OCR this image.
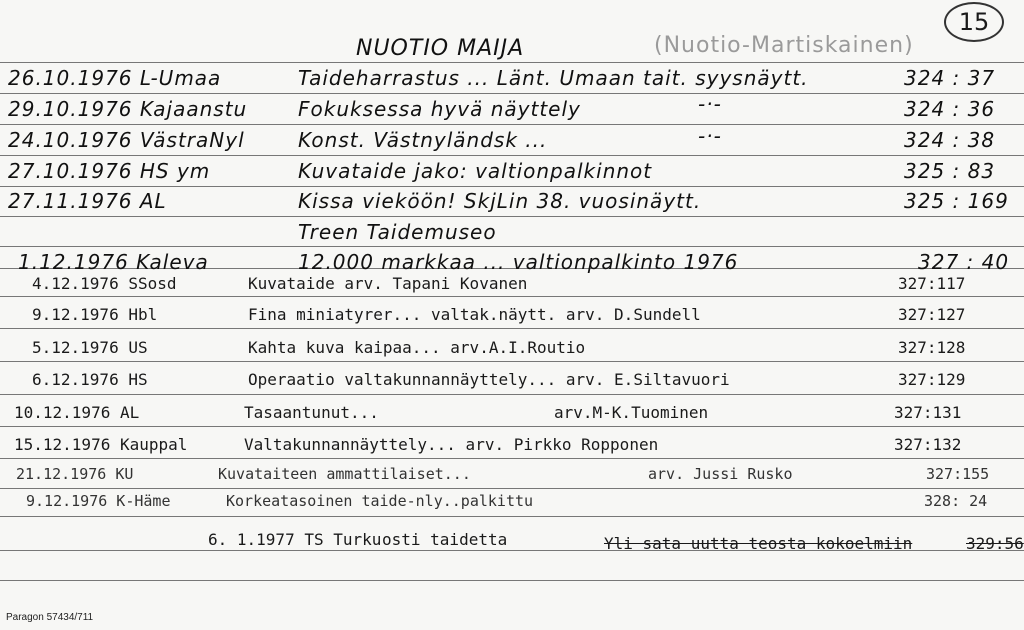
15
NUOTIO MAIJA	(Nuotio-Martiskainen)
26.10.1976 L-Umaa	Taideharrastus ... Länt. Umaan tait. syysnäytt.	324 : 37
29.10.1976 Kajaanstu	Fokuksessa hyvä näyttely	-·-	324 : 36
24.10.1976 VästraNyl	Konst. Västnyländsk ...	-·-	324 : 38
27.10.1976 HS ym	Kuvataide jako: valtionpalkinnot	325 : 83
27.11.1976 AL	Kissa vieköön! SkjLin 38. vuosinäytt.	325 : 169
Treen Taidemuseo
1.12.1976 Kaleva	12.000 markkaa ... valtionpalkinto 1976	327 : 40
4.12.1976 SSosd	Kuvataide arv. Tapani Kovanen	327:117
9.12.1976 Hbl	Fina miniatyrer... valtak.näytt. arv. D.Sundell	327:127
5.12.1976 US	Kahta kuva kaipaa... arv.A.I.Routio	327:128
6.12.1976 HS	Operaatio valtakunnannäyttely... arv. E.Siltavuori	327:129
10.12.1976 AL	Tasaantunut...	arv.M-K.Tuominen	327:131
15.12.1976 Kauppal	Valtakunnannäyttely... arv. Pirkko Ropponen	327:132
21.12.1976 KU	Kuvataiteen ammattilaiset...	arv. Jussi Rusko	327:155
9.12.1976 K-Häme	Korkeatasoinen taide-nly..palkittu	328: 24
6. 1.1977 TS Turku osti taidetta	Yli sata uutta teosta kokoelmiin	329:56
Paragon 57434/711
